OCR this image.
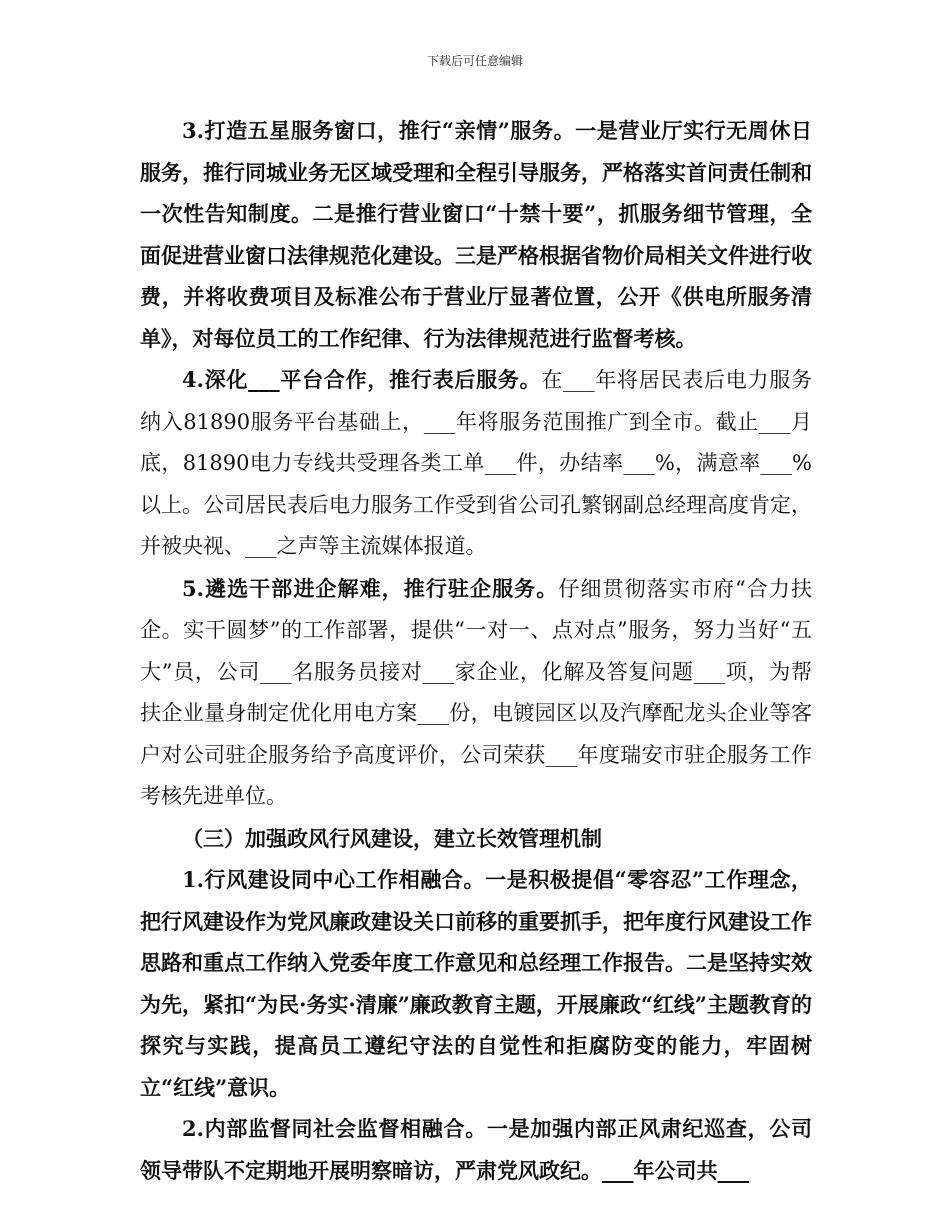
下载后可任意编辑

3.打造五星服务窗口，推行“亲情”服务。一是营业厅实行无周休日服务，推行同城业务无区域受理和全程引导服务，严格落实首问责任制和一次性告知制度。二是推行营业窗口“十禁十要”，抓服务细节管理，全面促进营业窗口法律规范化建设。三是严格根据省物价局相关文件进行收费，并将收费项目及标准公布于营业厅显著位置，公开《供电所服务清单》，对每位员工的工作纪律、行为法律规范进行监督考核。

4.深化___平台合作，推行表后服务。在___年将居民表后电力服务纳入81890服务平台基础上，___年将服务范围推广到全市。截止___月底，81890电力专线共受理各类工单___件，办结率___%，满意率___%以上。公司居民表后电力服务工作受到省公司孔繁钢副总经理高度肯定，并被央视、___之声等主流媒体报道。

5.遴选干部进企解难，推行驻企服务。仔细贯彻落实市府“合力扶企。实干圆梦”的工作部署，提供“一对一、点对点”服务，努力当好“五大”员，公司___名服务员接对___家企业，化解及答复问题___项，为帮扶企业量身制定优化用电方案___份，电镀园区以及汽摩配龙头企业等客户对公司驻企服务给予高度评价，公司荣获___年度瑞安市驻企服务工作考核先进单位。

（三）加强政风行风建设，建立长效管理机制

1.行风建设同中心工作相融合。一是积极提倡“零容忍”工作理念，把行风建设作为党风廉政建设关口前移的重要抓手，把年度行风建设工作思路和重点工作纳入党委年度工作意见和总经理工作报告。二是坚持实效为先，紧扣“为民·务实·清廉”廉政教育主题，开展廉政“红线”主题教育的探究与实践，提高员工遵纪守法的自觉性和拒腐防变的能力，牢固树立“红线”意识。

2.内部监督同社会监督相融合。一是加强内部正风肃纪巡查，公司领导带队不定期地开展明察暗访，严肃党风政纪。___年公司共___
